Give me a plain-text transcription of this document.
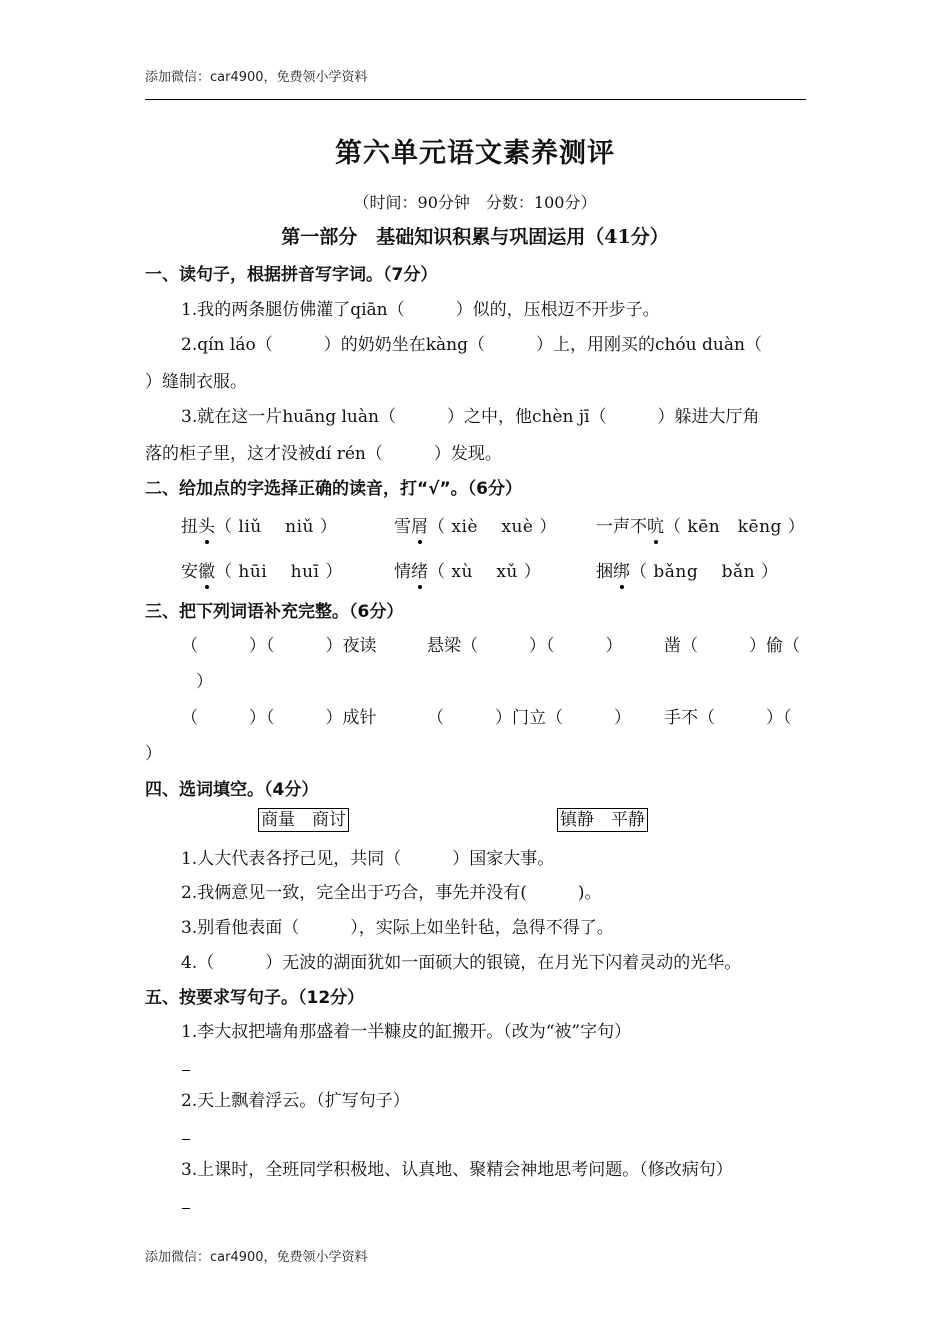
添加微信：car4900，免费领小学资料
第六单元语文素养测评
（时间：90分钟　分数：100分）
第一部分　基础知识积累与巩固运用（41分）
一、读句子，根据拼音写字词。（7分）
1.我的两条腿仿佛灌了qiān（　　　）似的，压根迈不开步子。
2.qín láo（　　　）的奶奶坐在kàng（　　　）上，用刚买的chóu duàn（
）缝制衣服。
3.就在这一片huāng luàn（　　　）之中，他chèn jī（　　　）躲进大厅角
落的柜子里，这才没被dí rén（　　　）发现。
二、给加点的字选择正确的读音，打“√”。（6分）
扭头（ liǔ　 niǔ ）	雪屑（ xiè　 xuè ） 一声不吭（ kēn　kēng ）
安徽（ hūi　 huī ）	情绪（ xù　 xǔ ）	捆绑（ bǎng　 bǎn ）
三、把下列词语补充完整。（6分）
（　　　）（　　　）夜读	悬梁（　　　）（　　　） 凿（　　　）偷（
）
（　　　）（　　　）成针	（　　　）门立（　　　） 手不（　　　）（
）
四、选词填空。（4分）
商量　商讨	镇静　平静
1.人大代表各抒己见，共同（　　　）国家大事。
2.我俩意见一致，完全出于巧合，事先并没有(　　　)。
3.别看他表面（　　　），实际上如坐针毡，急得不得了。
4.（　　　）无波的湖面犹如一面硕大的银镜，在月光下闪着灵动的光华。
五、按要求写句子。（12分）
1.李大叔把墙角那盛着一半糠皮的缸搬开。（改为“被”字句）
2.天上飘着浮云。（扩写句子）
3.上课时，全班同学积极地、认真地、聚精会神地思考问题。（修改病句）
添加微信：car4900，免费领小学资料
